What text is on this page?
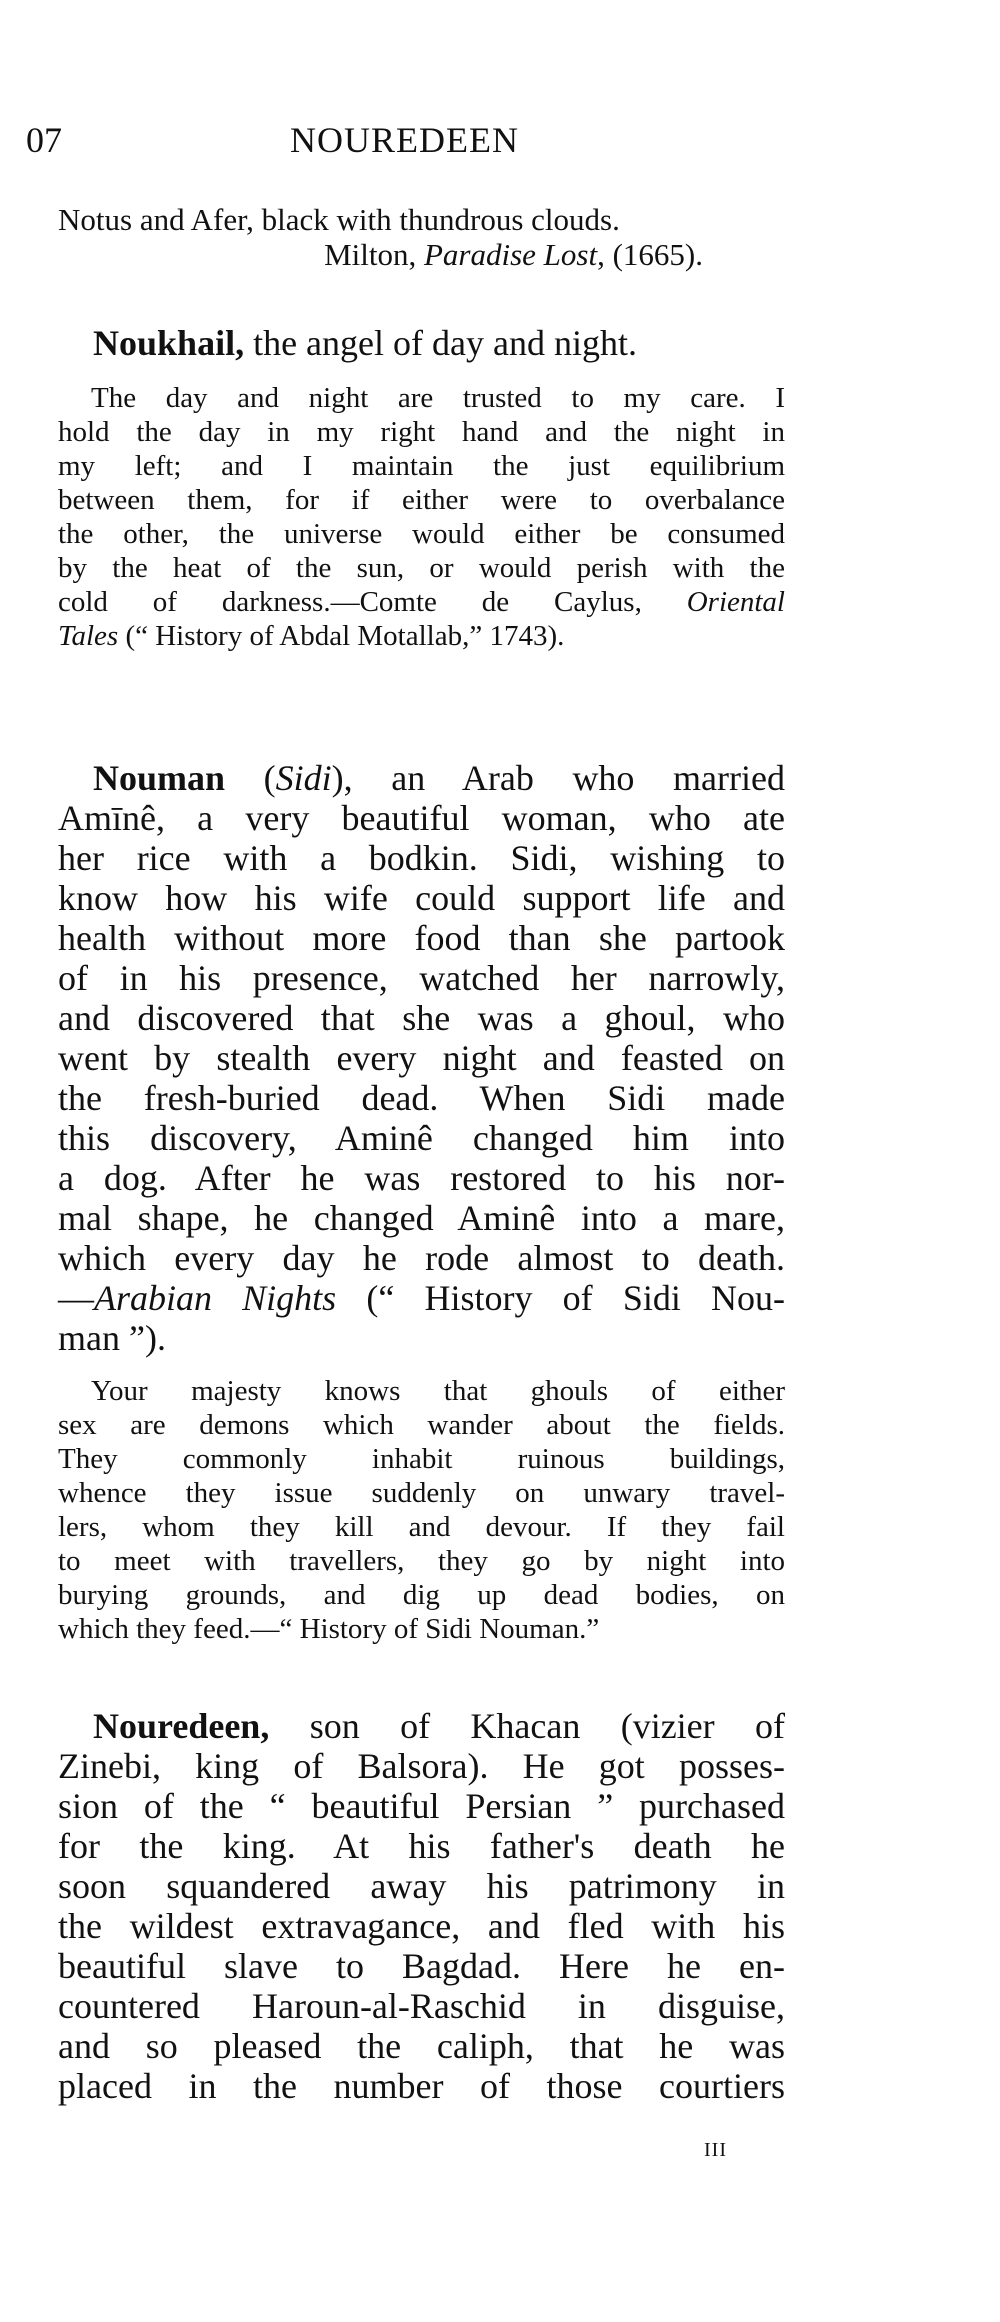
07	NOUREDEEN
Notus and Afer, black with thundrous clouds.
Milton, Paradise Lost, (1665).
Noukhail, the angel of day and night.
The day and night are trusted to my care. I
hold the day in my right hand and the night in
my left; and I maintain the just equilibrium
between them, for if either were to overbalance
the other, the universe would either be consumed
by the heat of the sun, or would perish with the
cold of darkness.—Comte de Caylus, Oriental
Tales (“ History of Abdal Motallab,” 1743).
Nouman (Sidi), an Arab who married
Amīnê, a very beautiful woman, who ate
her rice with a bodkin. Sidi, wishing to
know how his wife could support life and
health without more food than she partook
of in his presence, watched her narrowly,
and discovered that she was a ghoul, who
went by stealth every night and feasted on
the fresh-buried dead. When Sidi made
this discovery, Aminê changed him into
a dog. After he was restored to his nor-
mal shape, he changed Aminê into a mare,
which every day he rode almost to death.
—Arabian Nights (“ History of Sidi Nou-
man ”).
Your majesty knows that ghouls of either
sex are demons which wander about the fields.
They commonly inhabit ruinous buildings,
whence they issue suddenly on unwary travel-
lers, whom they kill and devour. If they fail
to meet with travellers, they go by night into
burying grounds, and dig up dead bodies, on
which they feed.—“ History of Sidi Nouman.”
Nouredeen, son of Khacan (vizier of
Zinebi, king of Balsora). He got posses-
sion of the “ beautiful Persian ” purchased
for the king. At his father's death he
soon squandered away his patrimony in
the wildest extravagance, and fled with his
beautiful slave to Bagdad. Here he en-
countered Haroun-al-Raschid in disguise,
and so pleased the caliph, that he was
placed in the number of those courtiers
III
